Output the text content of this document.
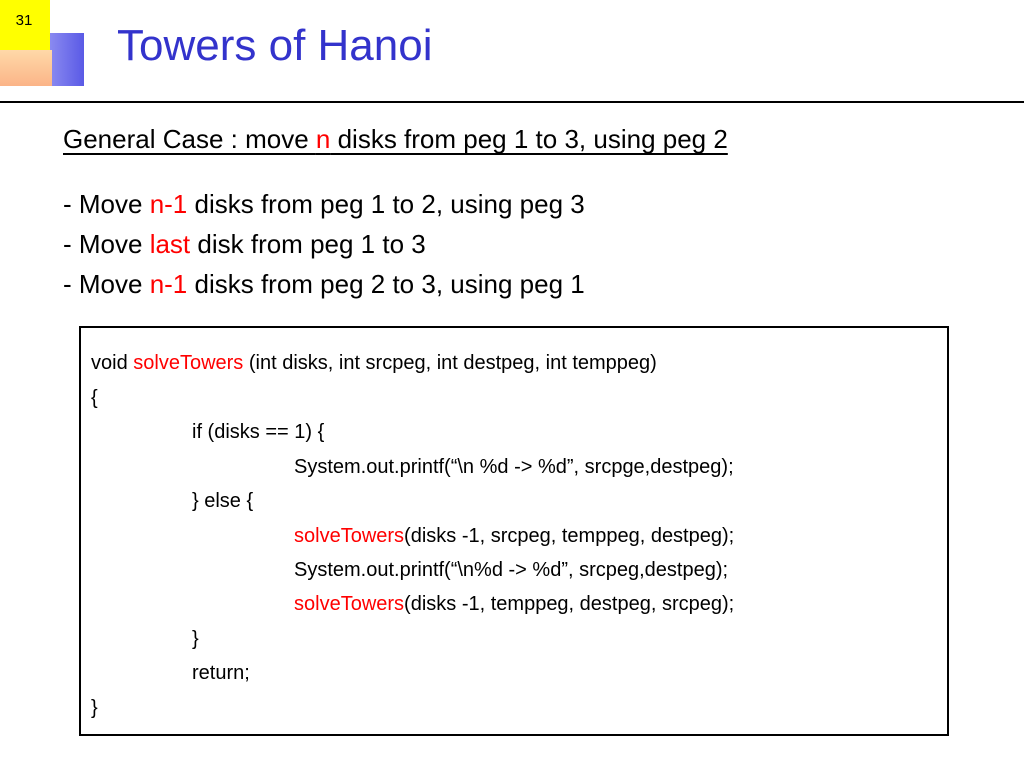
31
Towers of Hanoi
General Case : move n disks from peg 1 to 3, using peg 2
- Move n-1 disks from peg 1 to 2, using peg 3
- Move last disk from peg 1 to 3
- Move n-1 disks from peg 2 to 3, using peg 1
void solveTowers (int disks, int srcpeg, int destpeg, int temppeg)
{
if (disks == 1) {
System.out.printf(“\n %d -> %d”, srcpge,destpeg);
} else {
solveTowers(disks -1, srcpeg, temppeg, destpeg);
System.out.printf(“\n%d -> %d”, srcpeg,destpeg);
solveTowers(disks -1, temppeg, destpeg, srcpeg);
}
return;
}
